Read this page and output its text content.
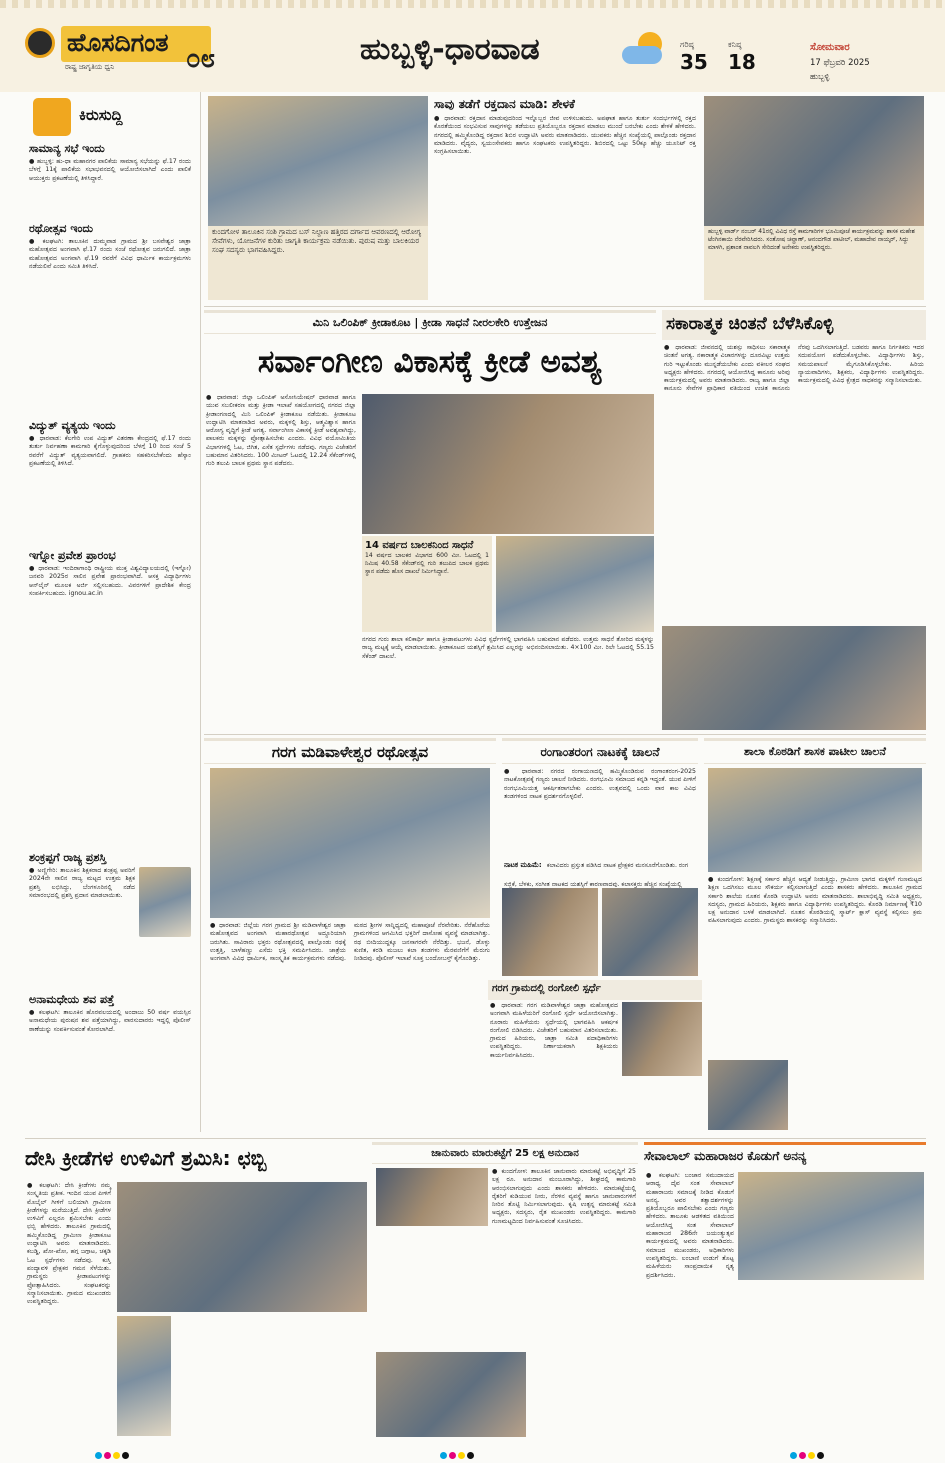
ಹೊಸದಿಗಂತ
ರಾಷ್ಟ್ರ ಜಾಗೃತಿಯ ಧ್ವನಿ	೦೮	ಹುಬ್ಬಳ್ಳಿ-ಧಾರವಾಡ	ಗರಿಷ್ಠ
35
ಕನಿಷ್ಠ
18
ಸೋಮವಾರ
17 ಫೆಬ್ರವರಿ 2025
ಹುಬ್ಬಳ್ಳಿ
ಕಿರುಸುದ್ದಿ
ಸಾಮಾನ್ಯ ಸಭೆ ಇಂದು
● ಹುಬ್ಬಳ್ಳಿ: ಹು-ಧಾ ಮಹಾನಗರ ಪಾಲಿಕೆಯ ಸಾಮಾನ್ಯ ಸಭೆಯನ್ನು ಫೆ.17 ರಂದು ಬೆಳಗ್ಗೆ 11ಕ್ಕೆ ಪಾಲಿಕೆಯ ಸಭಾಭವನದಲ್ಲಿ ಆಯೋಜಿಸಲಾಗಿದೆ ಎಂದು ಪಾಲಿಕೆ ಆಯುಕ್ತರು ಪ್ರಕಟಣೆಯಲ್ಲಿ ತಿಳಿಸಿದ್ದಾರೆ.
ರಥೋತ್ಸವ ಇಂದು
● ಕಲಘಟಗಿ: ತಾಲೂಕಿನ ದುಮ್ಮವಾಡ ಗ್ರಾಮದ ಶ್ರೀ ಬಸವೇಶ್ವರ ಜಾತ್ರಾ ಮಹೋತ್ಸವದ ಅಂಗವಾಗಿ ಫೆ.17 ರಂದು ಸಂಜೆ ರಥೋತ್ಸವ ಜರುಗಲಿದೆ. ಜಾತ್ರಾ ಮಹೋತ್ಸವದ ಅಂಗವಾಗಿ ಫೆ.19 ರವರೆಗೆ ವಿವಿಧ ಧಾರ್ಮಿಕ ಕಾರ್ಯಕ್ರಮಗಳು ನಡೆಯಲಿವೆ ಎಂದು ಸಮಿತಿ ತಿಳಿಸಿದೆ.
ವಿದ್ಯುತ್ ವ್ಯತ್ಯಯ ಇಂದು
● ಧಾರವಾಡ: ಕೆಲಗೇರಿ ಉಪ ವಿದ್ಯುತ್ ವಿತರಣಾ ಕೇಂದ್ರದಲ್ಲಿ ಫೆ.17 ರಂದು ತುರ್ತು ನಿರ್ವಹಣಾ ಕಾಮಗಾರಿ ಕೈಗೊಳ್ಳುವುದರಿಂದ ಬೆಳಗ್ಗೆ 10 ರಿಂದ ಸಂಜೆ 5 ರವರೆಗೆ ವಿದ್ಯುತ್ ವ್ಯತ್ಯಯವಾಗಲಿದೆ. ಗ್ರಾಹಕರು ಸಹಕರಿಸಬೇಕೆಂದು ಹೆಸ್ಕಾಂ ಪ್ರಕಟಣೆಯಲ್ಲಿ ತಿಳಿಸಿದೆ.
ಇಗ್ನೋ ಪ್ರವೇಶ ಪ್ರಾರಂಭ
● ಧಾರವಾಡ: ಇಂದಿರಾಗಾಂಧಿ ರಾಷ್ಟ್ರೀಯ ಮುಕ್ತ ವಿಶ್ವವಿದ್ಯಾಲಯದಲ್ಲಿ (ಇಗ್ನೋ) ಜನವರಿ 2025ರ ಸಾಲಿನ ಪ್ರವೇಶ ಪ್ರಾರಂಭವಾಗಿದೆ. ಆಸಕ್ತ ವಿದ್ಯಾರ್ಥಿಗಳು ಆನ್‌ಲೈನ್ ಮೂಲಕ ಅರ್ಜಿ ಸಲ್ಲಿಸಬಹುದು. ವಿವರಗಳಿಗೆ ಪ್ರಾದೇಶಿಕ ಕೇಂದ್ರ ಸಂಪರ್ಕಿಸಬಹುದು. ignou.ac.in
ಶಂಕ್ರಪ್ಪಗೆ ರಾಜ್ಯ ಪ್ರಶಸ್ತಿ
● ಅಣ್ಣಿಗೇರಿ: ತಾಲೂಕಿನ ಶಿಕ್ಷಕರಾದ ಶಂಕ್ರಪ್ಪ ಅವರಿಗೆ 2024ನೇ ಸಾಲಿನ ರಾಜ್ಯ ಮಟ್ಟದ ಉತ್ತಮ ಶಿಕ್ಷಕ ಪ್ರಶಸ್ತಿ ಲಭಿಸಿದ್ದು, ಬೆಂಗಳೂರಿನಲ್ಲಿ ನಡೆದ ಸಮಾರಂಭದಲ್ಲಿ ಪ್ರಶಸ್ತಿ ಪ್ರದಾನ ಮಾಡಲಾಯಿತು.
ಅನಾಮಧೇಯ ಶವ ಪತ್ತೆ
● ಕಲಘಟಗಿ: ತಾಲೂಕಿನ ಹೊರವಲಯದಲ್ಲಿ ಅಂದಾಜು 50 ವರ್ಷ ವಯಸ್ಸಿನ ಅನಾಮಧೇಯ ಪುರುಷನ ಶವ ಪತ್ತೆಯಾಗಿದ್ದು, ವಾರಸುದಾರರು ಇದ್ದಲ್ಲಿ ಪೊಲೀಸ್ ಠಾಣೆಯನ್ನು ಸಂಪರ್ಕಿಸುವಂತೆ ಕೋರಲಾಗಿದೆ.
ಕುಂದಗೋಳ ತಾಲೂಕಿನ ಸಂಶಿ ಗ್ರಾಮದ ಬಸ್ ನಿಲ್ದಾಣ ಹತ್ತಿರದ ದರ್ಗಾದ ಆವರಣದಲ್ಲಿ ಆರೋಗ್ಯ ಸೇವೆಗಳು, ಯೋಜನೆಗಳ ಕುರಿತು ಜಾಗೃತಿ ಕಾರ್ಯಕ್ರಮ ನಡೆಯಿತು. ಪುರುಷ ಮತ್ತು ಬಾಲಕಿಯರ ಸಂಘ ಸದಸ್ಯರು ಭಾಗವಹಿಸಿದ್ದರು.
ಸಾವು ತಡೆಗೆ ರಕ್ತದಾನ ಮಾಡಿ: ಶೇಳಕೆ
● ಧಾರವಾಡ: ರಕ್ತದಾನ ಮಾಡುವುದರಿಂದ ಇನ್ನೊಬ್ಬರ ಜೀವ ಉಳಿಸಬಹುದು. ಅಪಘಾತ ಹಾಗೂ ತುರ್ತು ಸಂದರ್ಭಗಳಲ್ಲಿ ರಕ್ತದ ಕೊರತೆಯಿಂದ ಸಂಭವಿಸುವ ಸಾವುಗಳನ್ನು ತಡೆಯಲು ಪ್ರತಿಯೊಬ್ಬರೂ ರಕ್ತದಾನ ಮಾಡಲು ಮುಂದೆ ಬರಬೇಕು ಎಂದು ಶೇಳಕೆ ಹೇಳಿದರು. ನಗರದಲ್ಲಿ ಹಮ್ಮಿಕೊಂಡಿದ್ದ ರಕ್ತದಾನ ಶಿಬಿರ ಉದ್ಘಾಟಿಸಿ ಅವರು ಮಾತನಾಡಿದರು. ಯುವಕರು ಹೆಚ್ಚಿನ ಸಂಖ್ಯೆಯಲ್ಲಿ ಪಾಲ್ಗೊಂಡು ರಕ್ತದಾನ ಮಾಡಿದರು. ವೈದ್ಯರು, ಸ್ವಯಂಸೇವಕರು ಹಾಗೂ ಸಂಘಟಕರು ಉಪಸ್ಥಿತರಿದ್ದರು. ಶಿಬಿರದಲ್ಲಿ ಒಟ್ಟು 50ಕ್ಕೂ ಹೆಚ್ಚು ಯೂನಿಟ್ ರಕ್ತ ಸಂಗ್ರಹಿಸಲಾಯಿತು.
ಹುಬ್ಬಳ್ಳಿ ವಾರ್ಡ್ ನಂಬರ್ 41ರಲ್ಲಿ ವಿವಿಧ ರಸ್ತೆ ಕಾಮಗಾರಿಗಳ ಭೂಮಿಪೂಜೆ ಕಾರ್ಯಕ್ರಮವನ್ನು ಶಾಸಕ ಮಹೇಶ ಟೆಂಗಿನಕಾಯಿ ನೆರವೇರಿಸಿದರು. ಸಂತೋಷ ಚವ್ಹಾಣ್, ಆನಂದಗೌಡ ಪಾಟೀಲ್, ಮಹಾದೇವ ನಾಯ್ಕರ್, ಸಿದ್ದು ಮಾಳಗಿ, ಪ್ರಶಾಂತ ನಾವಲಗಿ ಸೇರಿದಂತೆ ಅನೇಕರು ಉಪಸ್ಥಿತರಿದ್ದರು.
ಮಿನಿ ಒಲಿಂಪಿಕ್ ಕ್ರೀಡಾಕೂಟ | ಕ್ರೀಡಾ ಸಾಧನೆ ನೀರಲಕೇರಿ ಉತ್ತೇಜನ
ಸರ್ವಾಂಗೀಣ ವಿಕಾಸಕ್ಕೆ ಕ್ರೀಡೆ ಅವಶ್ಯ
● ಧಾರವಾಡ: ಜಿಲ್ಲಾ ಒಲಿಂಪಿಕ್ ಅಸೋಸಿಯೇಷನ್ ಧಾರವಾಡ ಹಾಗೂ ಯುವ ಸಬಲೀಕರಣ ಮತ್ತು ಕ್ರೀಡಾ ಇಲಾಖೆ ಸಹಯೋಗದಲ್ಲಿ ನಗರದ ಜಿಲ್ಲಾ ಕ್ರೀಡಾಂಗಣದಲ್ಲಿ ಮಿನಿ ಒಲಿಂಪಿಕ್ ಕ್ರೀಡಾಕೂಟ ನಡೆಯಿತು. ಕ್ರೀಡಾಕೂಟ ಉದ್ಘಾಟಿಸಿ ಮಾತನಾಡಿದ ಅವರು, ಮಕ್ಕಳಲ್ಲಿ ಶಿಸ್ತು, ಆತ್ಮವಿಶ್ವಾಸ ಹಾಗೂ ಆರೋಗ್ಯ ವೃದ್ಧಿಗೆ ಕ್ರೀಡೆ ಅಗತ್ಯ. ಸರ್ವಾಂಗೀಣ ವಿಕಾಸಕ್ಕೆ ಕ್ರೀಡೆ ಅವಶ್ಯವಾಗಿದ್ದು, ಪಾಲಕರು ಮಕ್ಕಳನ್ನು ಪ್ರೋತ್ಸಾಹಿಸಬೇಕು ಎಂದರು. ವಿವಿಧ ವಯೋಮಿತಿಯ ವಿಭಾಗಗಳಲ್ಲಿ ಓಟ, ಜಿಗಿತ, ಎಸೆತ ಸ್ಪರ್ಧೆಗಳು ನಡೆದವು. ಗಣ್ಯರು ವಿಜೇತರಿಗೆ ಬಹುಮಾನ ವಿತರಿಸಿದರು. 100 ಮೀಟರ್ ಓಟದಲ್ಲಿ 12.24 ಸೆಕೆಂಡ್‌ಗಳಲ್ಲಿ ಗುರಿ ತಲುಪಿ ಬಾಲಕ ಪ್ರಥಮ ಸ್ಥಾನ ಪಡೆದನು.
14 ವರ್ಷದ ಬಾಲಕನಿಂದ ಸಾಧನೆ
14 ವರ್ಷದ ಬಾಲಕರ ವಿಭಾಗದ 600 ಮೀ. ಓಟದಲ್ಲಿ 1 ನಿಮಿಷ 40.58 ಸೆಕೆಂಡ್‌ನಲ್ಲಿ ಗುರಿ ತಲುಪಿದ ಬಾಲಕ ಪ್ರಥಮ ಸ್ಥಾನ ಪಡೆದು ಹೊಸ ದಾಖಲೆ ನಿರ್ಮಿಸಿದ್ದಾನೆ.
ನಗರದ ಗುರು ಶಾಲಾ ಕಲಿಕಾರ್ಥಿ ಹಾಗೂ ಕ್ರೀಡಾಪಟುಗಳು ವಿವಿಧ ಸ್ಪರ್ಧೆಗಳಲ್ಲಿ ಭಾಗವಹಿಸಿ ಬಹುಮಾನ ಪಡೆದರು. ಉತ್ತಮ ಸಾಧನೆ ತೋರಿದ ಮಕ್ಕಳನ್ನು ರಾಜ್ಯ ಮಟ್ಟಕ್ಕೆ ಆಯ್ಕೆ ಮಾಡಲಾಯಿತು. ಕ್ರೀಡಾಕೂಟದ ಯಶಸ್ಸಿಗೆ ಶ್ರಮಿಸಿದ ಎಲ್ಲರನ್ನು ಅಭಿನಂದಿಸಲಾಯಿತು. 4×100 ಮೀ. ರಿಲೇ ಓಟದಲ್ಲಿ 55.15 ಸೆಕೆಂಡ್ ದಾಖಲೆ.
ಸಕಾರಾತ್ಮಕ ಚಿಂತನೆ ಬೆಳೆಸಿಕೊಳ್ಳಿ
● ಧಾರವಾಡ: ಜೀವನದಲ್ಲಿ ಯಶಸ್ಸು ಸಾಧಿಸಲು ಸಕಾರಾತ್ಮಕ ಚಿಂತನೆ ಅಗತ್ಯ. ನಕಾರಾತ್ಮಕ ವಿಚಾರಗಳನ್ನು ದೂರವಿಟ್ಟು ಉತ್ತಮ ಗುರಿ ಇಟ್ಟುಕೊಂಡು ಮುನ್ನಡೆಯಬೇಕು ಎಂದು ವಕೀಲರ ಸಂಘದ ಅಧ್ಯಕ್ಷರು ಹೇಳಿದರು. ನಗರದಲ್ಲಿ ಆಯೋಜಿಸಿದ್ದ ಕಾನೂನು ಅರಿವು ಕಾರ್ಯಕ್ರಮದಲ್ಲಿ ಅವರು ಮಾತನಾಡಿದರು. ರಾಜ್ಯ ಹಾಗೂ ಜಿಲ್ಲಾ ಕಾನೂನು ಸೇವೆಗಳ ಪ್ರಾಧಿಕಾರ ವತಿಯಿಂದ ಉಚಿತ ಕಾನೂನು ನೆರವು ಒದಗಿಸಲಾಗುತ್ತಿದೆ. ಬಡವರು ಹಾಗೂ ನಿರ್ಗತಿಕರು ಇದರ ಸದುಪಯೋಗ ಪಡೆದುಕೊಳ್ಳಬೇಕು. ವಿದ್ಯಾರ್ಥಿಗಳು ಶಿಸ್ತು, ಸಮಯಪಾಲನೆ ಮೈಗೂಡಿಸಿಕೊಳ್ಳಬೇಕು. ಹಿರಿಯ ನ್ಯಾಯವಾದಿಗಳು, ಶಿಕ್ಷಕರು, ವಿದ್ಯಾರ್ಥಿಗಳು ಉಪಸ್ಥಿತರಿದ್ದರು. ಕಾರ್ಯಕ್ರಮದಲ್ಲಿ ವಿವಿಧ ಕ್ಷೇತ್ರದ ಸಾಧಕರನ್ನು ಸನ್ಮಾನಿಸಲಾಯಿತು.
ಗರಗ ಮಡಿವಾಳೇಶ್ವರ ರಥೋತ್ಸವ
● ಧಾರವಾಡ: ಜಿಲ್ಲೆಯ ಗರಗ ಗ್ರಾಮದ ಶ್ರೀ ಮಡಿವಾಳೇಶ್ವರ ಜಾತ್ರಾ ಮಹೋತ್ಸವದ ಅಂಗವಾಗಿ ಮಹಾರಥೋತ್ಸವ ಅದ್ದೂರಿಯಾಗಿ ಜರುಗಿತು. ಸಾವಿರಾರು ಭಕ್ತರು ರಥೋತ್ಸವದಲ್ಲಿ ಪಾಲ್ಗೊಂಡು ರಥಕ್ಕೆ ಉತ್ತತ್ತಿ, ಬಾಳೆಹಣ್ಣು ಎಸೆದು ಭಕ್ತಿ ಸಮರ್ಪಿಸಿದರು. ಜಾತ್ರೆಯ ಅಂಗವಾಗಿ ವಿವಿಧ ಧಾರ್ಮಿಕ, ಸಾಂಸ್ಕೃತಿಕ ಕಾರ್ಯಕ್ರಮಗಳು ನಡೆದವು. ಮಠದ ಶ್ರೀಗಳ ಸಾನ್ನಿಧ್ಯದಲ್ಲಿ ಮಹಾಪೂಜೆ ನೆರವೇರಿತು. ನೆರೆಹೊರೆಯ ಗ್ರಾಮಗಳಿಂದ ಆಗಮಿಸಿದ ಭಕ್ತರಿಗೆ ದಾಸೋಹ ವ್ಯವಸ್ಥೆ ಮಾಡಲಾಗಿತ್ತು. ರಥ ಬೀದಿಯುದ್ದಕ್ಕೂ ಜನಸಾಗರವೇ ನೆರೆದಿತ್ತು. ಭಜನೆ, ಡೊಳ್ಳು ಕುಣಿತ, ಕರಡಿ ಮಜಲು ಕಲಾ ತಂಡಗಳು ಮೆರವಣಿಗೆಗೆ ಮೆರುಗು ನೀಡಿದವು. ಪೊಲೀಸ್ ಇಲಾಖೆ ಸೂಕ್ತ ಬಂದೋಬಸ್ತ್ ಕೈಗೊಂಡಿತ್ತು.
ರಂಗಾಂತರಂಗ ನಾಟಕಕ್ಕೆ ಚಾಲನೆ
● ಧಾರವಾಡ: ನಗರದ ರಂಗಾಯಣದಲ್ಲಿ ಹಮ್ಮಿಕೊಂಡಿರುವ ರಂಗಾಂತರಂಗ-2025 ನಾಟಕೋತ್ಸವಕ್ಕೆ ಗಣ್ಯರು ಚಾಲನೆ ನೀಡಿದರು. ರಂಗಭೂಮಿ ಸಮಾಜದ ಕನ್ನಡಿ ಇದ್ದಂತೆ. ಯುವ ಪೀಳಿಗೆ ರಂಗಭೂಮಿಯತ್ತ ಆಕರ್ಷಿತರಾಗಬೇಕು ಎಂದರು. ಉತ್ಸವದಲ್ಲಿ ಒಂದು ವಾರ ಕಾಲ ವಿವಿಧ ತಂಡಗಳಿಂದ ನಾಟಕ ಪ್ರದರ್ಶನಗೊಳ್ಳಲಿವೆ.
ನಾಟಕ ಮಹಿಮೆ: ಕಲಾವಿದರು ಪ್ರಸ್ತುತ ಪಡಿಸಿದ ನಾಟಕ ಪ್ರೇಕ್ಷಕರ ಮನಸೂರೆಗೊಂಡಿತು. ರಂಗ ಸಜ್ಜಿಕೆ, ಬೆಳಕು, ಸಂಗೀತ ನಾಟಕದ ಯಶಸ್ಸಿಗೆ ಕಾರಣವಾದವು. ಕಲಾಸಕ್ತರು ಹೆಚ್ಚಿನ ಸಂಖ್ಯೆಯಲ್ಲಿ
ಶಾಲಾ ಕೊಠಡಿಗೆ ಶಾಸಕ ಪಾಟೀಲ ಚಾಲನೆ
● ಕುಂದಗೋಳ: ಶಿಕ್ಷಣಕ್ಕೆ ಸರ್ಕಾರ ಹೆಚ್ಚಿನ ಆದ್ಯತೆ ನೀಡುತ್ತಿದ್ದು, ಗ್ರಾಮೀಣ ಭಾಗದ ಮಕ್ಕಳಿಗೆ ಗುಣಮಟ್ಟದ ಶಿಕ್ಷಣ ಒದಗಿಸಲು ಮೂಲ ಸೌಕರ್ಯ ಕಲ್ಪಿಸಲಾಗುತ್ತಿದೆ ಎಂದು ಶಾಸಕರು ಹೇಳಿದರು. ತಾಲೂಕಿನ ಗ್ರಾಮದ ಸರ್ಕಾರಿ ಶಾಲೆಯ ನೂತನ ಕೊಠಡಿ ಉದ್ಘಾಟಿಸಿ ಅವರು ಮಾತನಾಡಿದರು. ಶಾಲಾಭಿವೃದ್ಧಿ ಸಮಿತಿ ಅಧ್ಯಕ್ಷರು, ಸದಸ್ಯರು, ಗ್ರಾಮದ ಹಿರಿಯರು, ಶಿಕ್ಷಕರು ಹಾಗೂ ವಿದ್ಯಾರ್ಥಿಗಳು ಉಪಸ್ಥಿತರಿದ್ದರು. ಕೊಠಡಿ ನಿರ್ಮಾಣಕ್ಕೆ ₹10 ಲಕ್ಷ ಅನುದಾನ ಬಳಕೆ ಮಾಡಲಾಗಿದೆ. ನೂತನ ಕೊಠಡಿಯಲ್ಲಿ ಸ್ಮಾರ್ಟ್ ಕ್ಲಾಸ್ ವ್ಯವಸ್ಥೆ ಕಲ್ಪಿಸಲು ಕ್ರಮ ವಹಿಸಲಾಗುವುದು ಎಂದರು. ಗ್ರಾಮಸ್ಥರು ಶಾಸಕರನ್ನು ಸನ್ಮಾನಿಸಿದರು.
ಗರಗ ಗ್ರಾಮದಲ್ಲಿ ರಂಗೋಲಿ ಸ್ಪರ್ಧೆ
● ಧಾರವಾಡ: ಗರಗ ಮಡಿವಾಳೇಶ್ವರ ಜಾತ್ರಾ ಮಹೋತ್ಸವದ ಅಂಗವಾಗಿ ಮಹಿಳೆಯರಿಗೆ ರಂಗೋಲಿ ಸ್ಪರ್ಧೆ ಆಯೋಜಿಸಲಾಗಿತ್ತು. ನೂರಾರು ಮಹಿಳೆಯರು ಸ್ಪರ್ಧೆಯಲ್ಲಿ ಭಾಗವಹಿಸಿ ಆಕರ್ಷಕ ರಂಗೋಲಿ ಬಿಡಿಸಿದರು. ವಿಜೇತರಿಗೆ ಬಹುಮಾನ ವಿತರಿಸಲಾಯಿತು. ಗ್ರಾಮದ ಹಿರಿಯರು, ಜಾತ್ರಾ ಸಮಿತಿ ಪದಾಧಿಕಾರಿಗಳು ಉಪಸ್ಥಿತರಿದ್ದರು. ನಿರ್ಣಾಯಕರಾಗಿ ಶಿಕ್ಷಕಿಯರು ಕಾರ್ಯನಿರ್ವಹಿಸಿದರು.
ದೇಸಿ ಕ್ರೀಡೆಗಳ ಉಳಿವಿಗೆ ಶ್ರಮಿಸಿ: ಛಬ್ಬಿ
● ಕಲಘಟಗಿ: ದೇಸಿ ಕ್ರೀಡೆಗಳು ನಮ್ಮ ಸಂಸ್ಕೃತಿಯ ಪ್ರತೀಕ. ಇಂದಿನ ಯುವ ಪೀಳಿಗೆ ಮೊಬೈಲ್ ಗೀಳಿಗೆ ಬಲಿಯಾಗಿ ಗ್ರಾಮೀಣ ಕ್ರೀಡೆಗಳನ್ನು ಮರೆಯುತ್ತಿದೆ. ದೇಸಿ ಕ್ರೀಡೆಗಳ ಉಳಿವಿಗೆ ಎಲ್ಲರೂ ಶ್ರಮಿಸಬೇಕು ಎಂದು ಛಬ್ಬಿ ಹೇಳಿದರು. ತಾಲೂಕಿನ ಗ್ರಾಮದಲ್ಲಿ ಹಮ್ಮಿಕೊಂಡಿದ್ದ ಗ್ರಾಮೀಣ ಕ್ರೀಡಾಕೂಟ ಉದ್ಘಾಟಿಸಿ ಅವರು ಮಾತನಾಡಿದರು. ಕಬಡ್ಡಿ, ಖೋ-ಖೋ, ಹಗ್ಗ ಜಗ್ಗಾಟ, ಚಕ್ಕಡಿ ಓಟ ಸ್ಪರ್ಧೆಗಳು ನಡೆದವು. ಕುಸ್ತಿ ಪಂದ್ಯಾವಳಿ ಪ್ರೇಕ್ಷಕರ ಗಮನ ಸೆಳೆಯಿತು. ಗ್ರಾಮಸ್ಥರು ಕ್ರೀಡಾಪಟುಗಳನ್ನು ಪ್ರೋತ್ಸಾಹಿಸಿದರು. ಸಂಘಟಕರನ್ನು ಸನ್ಮಾನಿಸಲಾಯಿತು. ಗ್ರಾಮದ ಮುಖಂಡರು ಉಪಸ್ಥಿತರಿದ್ದರು.
ಜಾನುವಾರು ಮಾರುಕಟ್ಟೆಗೆ 25 ಲಕ್ಷ ಅನುದಾನ
● ಕುಂದಗೋಳ: ತಾಲೂಕಿನ ಜಾನುವಾರು ಮಾರುಕಟ್ಟೆ ಅಭಿವೃದ್ಧಿಗೆ 25 ಲಕ್ಷ ರೂ. ಅನುದಾನ ಮಂಜೂರಾಗಿದ್ದು, ಶೀಘ್ರದಲ್ಲಿ ಕಾಮಗಾರಿ ಆರಂಭಿಸಲಾಗುವುದು ಎಂದು ಶಾಸಕರು ಹೇಳಿದರು. ಮಾರುಕಟ್ಟೆಯಲ್ಲಿ ರೈತರಿಗೆ ಕುಡಿಯುವ ನೀರು, ನೆರಳಿನ ವ್ಯವಸ್ಥೆ ಹಾಗೂ ಜಾನುವಾರುಗಳಿಗೆ ನೀರಿನ ತೊಟ್ಟಿ ನಿರ್ಮಿಸಲಾಗುವುದು. ಕೃಷಿ ಉತ್ಪನ್ನ ಮಾರುಕಟ್ಟೆ ಸಮಿತಿ ಅಧ್ಯಕ್ಷರು, ಸದಸ್ಯರು, ರೈತ ಮುಖಂಡರು ಉಪಸ್ಥಿತರಿದ್ದರು. ಕಾಮಗಾರಿ ಗುಣಮಟ್ಟದಿಂದ ನಿರ್ವಹಿಸುವಂತೆ ಸೂಚಿಸಿದರು.
ಸೇವಾಲಾಲ್ ಮಹಾರಾಜರ ಕೊಡುಗೆ ಅನನ್ಯ
● ಕಲಘಟಗಿ: ಬಂಜಾರ ಸಮುದಾಯದ ಆರಾಧ್ಯ ದೈವ ಸಂತ ಸೇವಾಲಾಲ್ ಮಹಾರಾಜರು ಸಮಾಜಕ್ಕೆ ನೀಡಿದ ಕೊಡುಗೆ ಅನನ್ಯ. ಅವರ ತತ್ವಾದರ್ಶಗಳನ್ನು ಪ್ರತಿಯೊಬ್ಬರೂ ಪಾಲಿಸಬೇಕು ಎಂದು ಗಣ್ಯರು ಹೇಳಿದರು. ತಾಲೂಕು ಆಡಳಿತದ ವತಿಯಿಂದ ಆಯೋಜಿಸಿದ್ದ ಸಂತ ಸೇವಾಲಾಲ್ ಮಹಾರಾಜರ 286ನೇ ಜಯಂತ್ಯುತ್ಸವ ಕಾರ್ಯಕ್ರಮದಲ್ಲಿ ಅವರು ಮಾತನಾಡಿದರು. ಸಮಾಜದ ಮುಖಂಡರು, ಅಧಿಕಾರಿಗಳು ಉಪಸ್ಥಿತರಿದ್ದರು. ಲಂಬಾಣಿ ಉಡುಗೆ ತೊಟ್ಟ ಮಹಿಳೆಯರು ಸಾಂಪ್ರದಾಯಿಕ ನೃತ್ಯ ಪ್ರದರ್ಶಿಸಿದರು.
